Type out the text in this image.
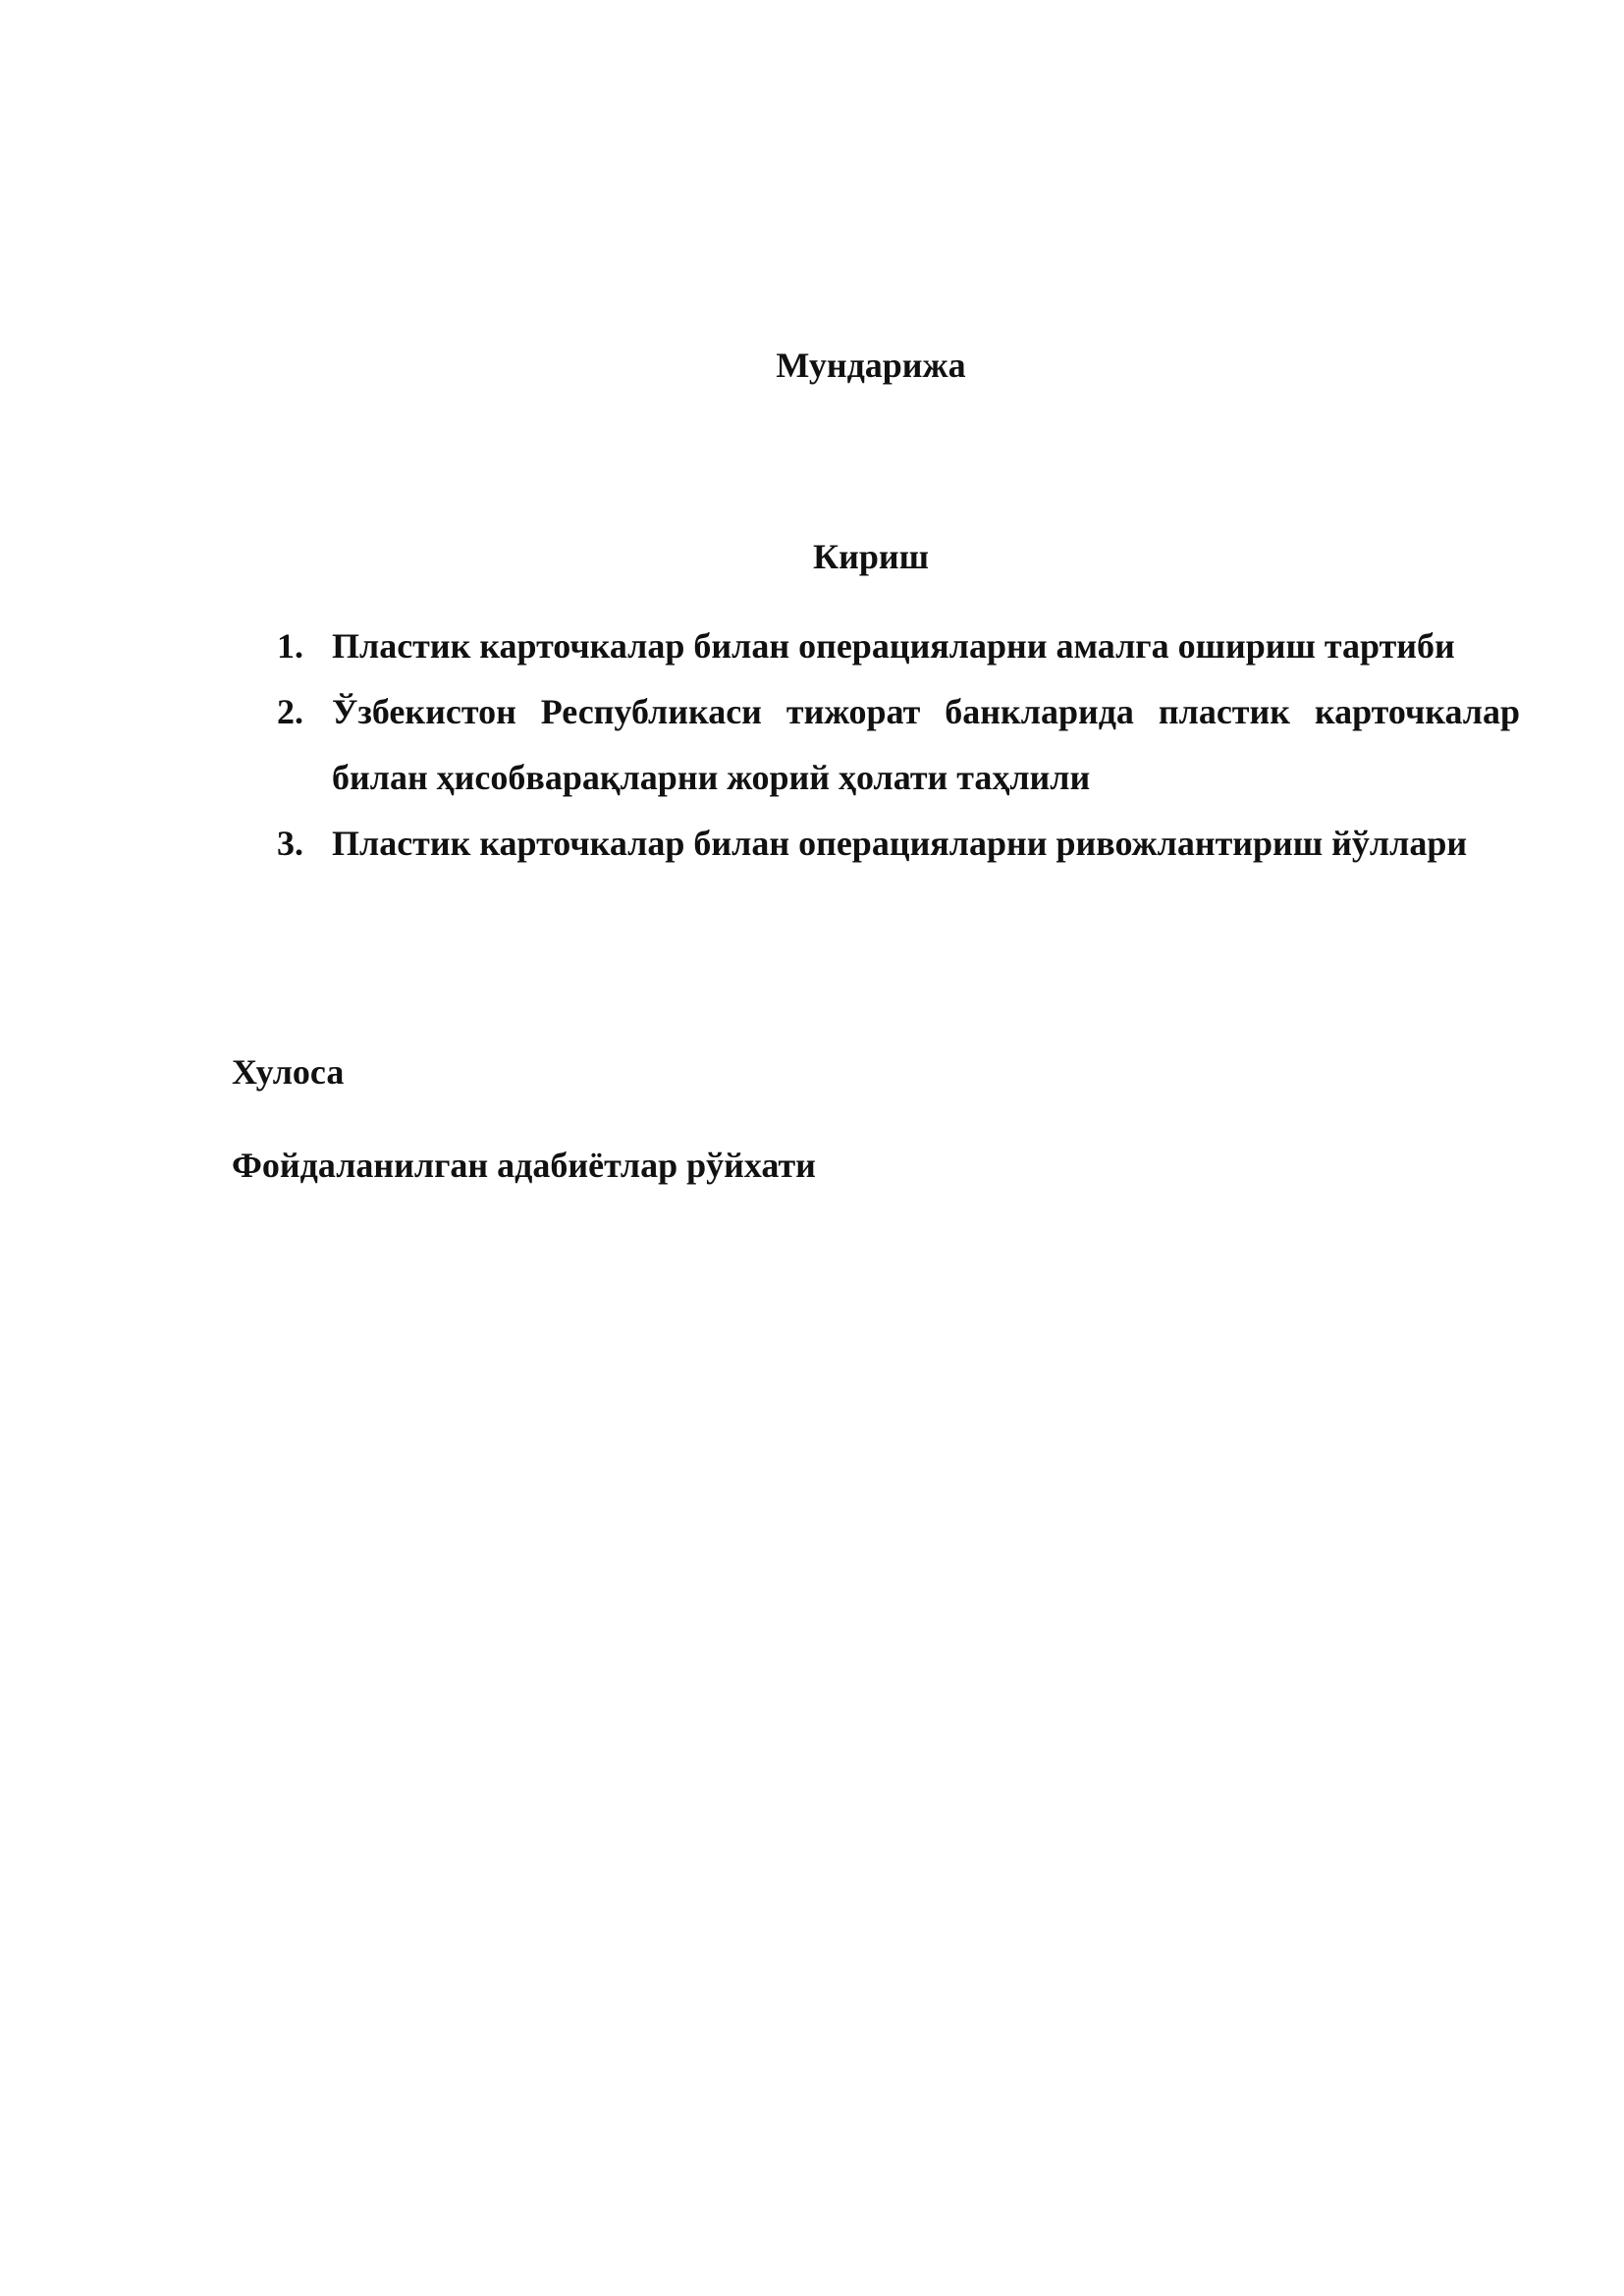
Мундарижа
Кириш
1. Пластик карточкалар билан операцияларни амалга ошириш тартиби
2. Ўзбекистон Республикаси тижорат банкларида пластик карточкалар билан ҳисобварақларни жорий ҳолати таҳлили
3. Пластик карточкалар билан операцияларни ривожлантириш йўллари

Хулоса

Фойдаланилган адабиётлар рўйхати
